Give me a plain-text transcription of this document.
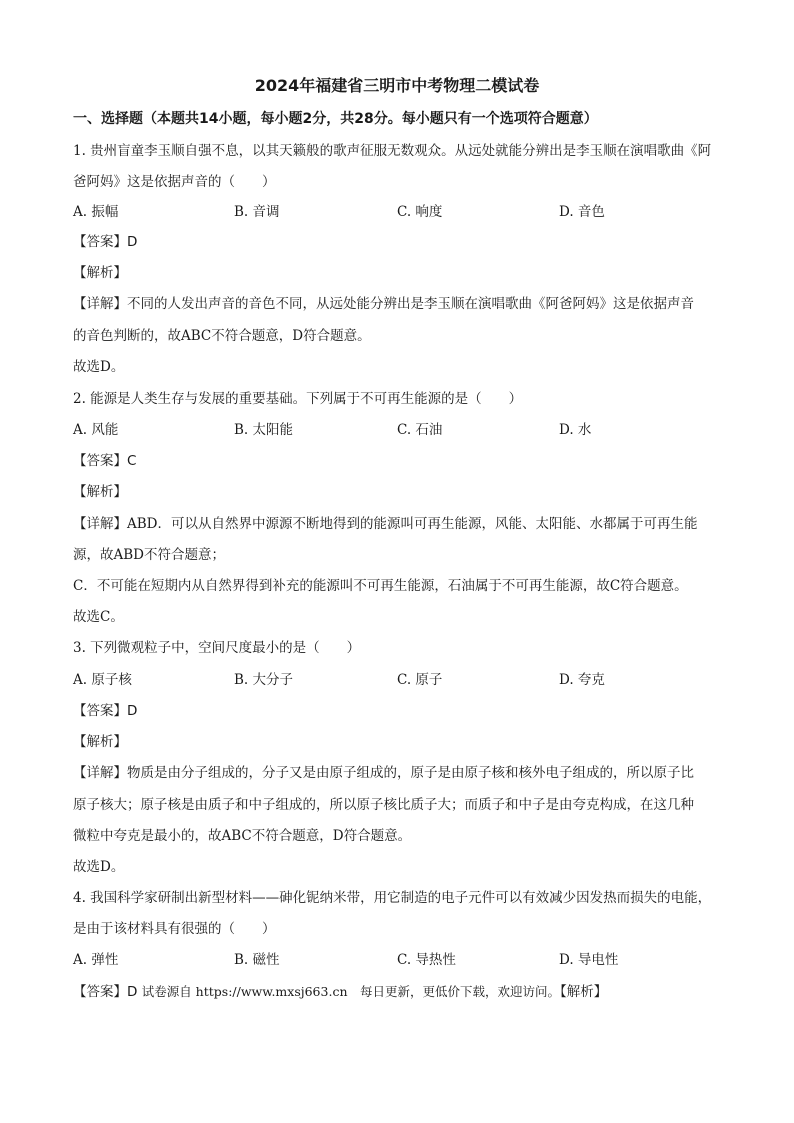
2024年福建省三明市中考物理二模试卷
一、选择题（本题共14小题，每小题2分，共28分。每小题只有一个选项符合题意）
1. 贵州盲童李玉顺自强不息，以其天籁般的歌声征服无数观众。从远处就能分辨出是李玉顺在演唱歌曲《阿
爸阿妈》这是依据声音的（　　）
A. 振幅	B. 音调	C. 响度	D. 音色
【答案】D
【解析】
【详解】不同的人发出声音的音色不同，从远处能分辨出是李玉顺在演唱歌曲《阿爸阿妈》这是依据声音
的音色判断的，故ABC不符合题意，D符合题意。
故选D。
2. 能源是人类生存与发展的重要基础。下列属于不可再生能源的是（　　）
A. 风能	B. 太阳能	C. 石油	D. 水
【答案】C
【解析】
【详解】ABD．可以从自然界中源源不断地得到的能源叫可再生能源，风能、太阳能、水都属于可再生能
源，故ABD不符合题意；
C．不可能在短期内从自然界得到补充的能源叫不可再生能源，石油属于不可再生能源，故C符合题意。
故选C。
3. 下列微观粒子中，空间尺度最小的是（　　）
A. 原子核	B. 大分子	C. 原子	D. 夸克
【答案】D
【解析】
【详解】物质是由分子组成的，分子又是由原子组成的，原子是由原子核和核外电子组成的，所以原子比
原子核大；原子核是由质子和中子组成的，所以原子核比质子大；而质子和中子是由夸克构成，在这几种
微粒中夸克是最小的，故ABC不符合题意，D符合题意。
故选D。
4. 我国科学家研制出新型材料——砷化铌纳米带，用它制造的电子元件可以有效减少因发热而损失的电能，
是由于该材料具有很强的（　　）
A. 弹性	B. 磁性	C. 导热性	D. 导电性
【答案】D 试卷源自 https://www.mxsj663.cn　每日更新，更低价下载，欢迎访问。【解析】
